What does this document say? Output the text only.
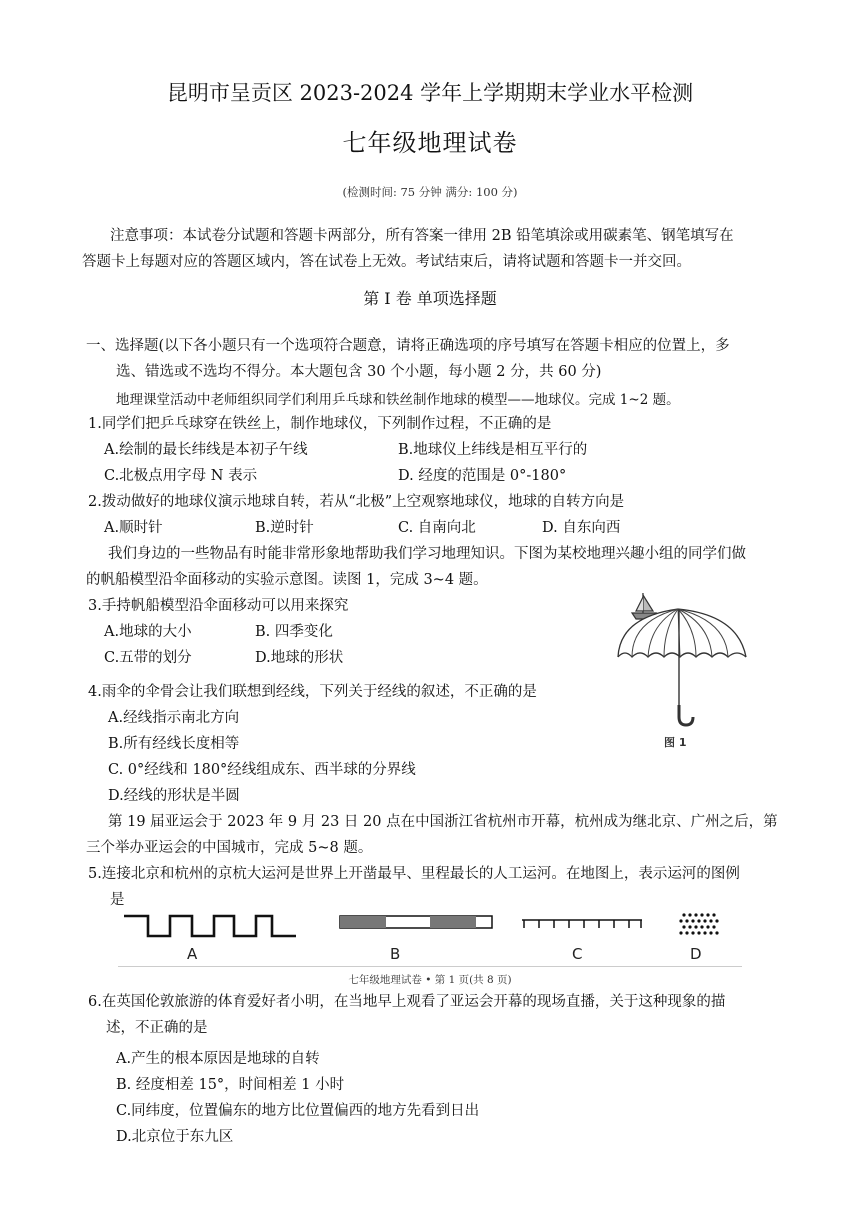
昆明市呈贡区 2023-2024 学年上学期期末学业水平检测
七年级地理试卷
(检测时间: 75 分钟 满分: 100 分)
注意事项：本试卷分试题和答题卡两部分，所有答案一律用 2B 铅笔填涂或用碳素笔、钢笔填写在
答题卡上每题对应的答题区域内，答在试卷上无效。考试结束后，请将试题和答题卡一并交回。
第 I 卷 单项选择题
一、选择题(以下各小题只有一个选项符合题意，请将正确选项的序号填写在答题卡相应的位置上，多
选、错选或不选均不得分。本大题包含 30 个小题，每小题 2 分，共 60 分)
地理课堂活动中老师组织同学们利用乒乓球和铁丝制作地球的模型——地球仪。完成 1~2 题。
1.同学们把乒乓球穿在铁丝上，制作地球仪，下列制作过程，不正确的是
A.绘制的最长纬线是本初子午线	B.地球仪上纬线是相互平行的
C.北极点用字母 N 表示	D. 经度的范围是 0°-180°
2.拨动做好的地球仪演示地球自转，若从“北极”上空观察地球仪，地球的自转方向是
A.顺时针	B.逆时针	C. 自南向北	D. 自东向西
我们身边的一些物品有时能非常形象地帮助我们学习地理知识。下图为某校地理兴趣小组的同学们做
的帆船模型沿伞面移动的实验示意图。读图 1，完成 3~4 题。
3.手持帆船模型沿伞面移动可以用来探究
A.地球的大小	B. 四季变化
C.五带的划分	D.地球的形状
图 1
4.雨伞的伞骨会让我们联想到经线，下列关于经线的叙述，不正确的是
A.经线指示南北方向
B.所有经线长度相等
C. 0°经线和 180°经线组成东、西半球的分界线
D.经线的形状是半圆
第 19 届亚运会于 2023 年 9 月 23 日 20 点在中国浙江省杭州市开幕，杭州成为继北京、广州之后，第
三个举办亚运会的中国城市，完成 5~8 题。
5.连接北京和杭州的京杭大运河是世界上开凿最早、里程最长的人工运河。在地图上，表示运河的图例
是
A	B	C	D
七年级地理试卷 • 第 1 页(共 8 页)
6.在英国伦敦旅游的体育爱好者小明，在当地早上观看了亚运会开幕的现场直播，关于这种现象的描
述，不正确的是
A.产生的根本原因是地球的自转
B. 经度相差 15°，时间相差 1 小时
C.同纬度，位置偏东的地方比位置偏西的地方先看到日出
D.北京位于东九区
